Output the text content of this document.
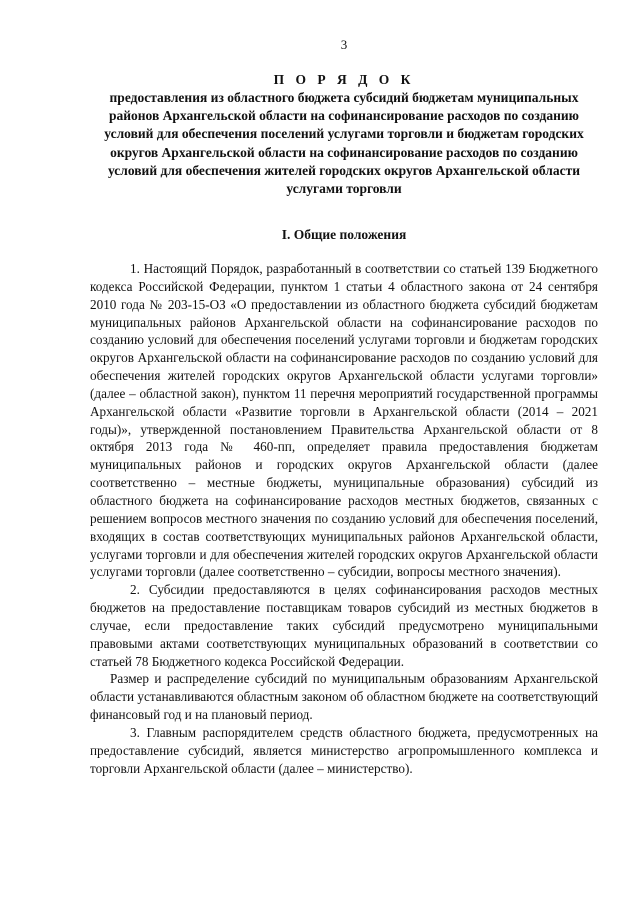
3
П О Р Я Д О К
предоставления из областного бюджета субсидий бюджетам муниципальных районов Архангельской области на софинансирование расходов по созданию условий для обеспечения поселений услугами торговли и бюджетам городских округов Архангельской области на софинансирование расходов по созданию условий для обеспечения жителей городских округов Архангельской области услугами торговли
I. Общие положения

1. Настоящий Порядок, разработанный в соответствии со статьей 139 Бюджетного кодекса Российской Федерации, пунктом 1 статьи 4 областного закона от 24 сентября 2010 года № 203-15-ОЗ «О предоставлении из областного бюджета субсидий бюджетам муниципальных районов Архангельской области на софинансирование расходов по созданию условий для обеспечения поселений услугами торговли и бюджетам городских округов Архангельской области на софинансирование расходов по созданию условий для обеспечения жителей городских округов Архангельской области услугами торговли» (далее – областной закон), пунктом 11 перечня мероприятий государственной программы Архангельской области «Развитие торговли в Архангельской области (2014 – 2021 годы)», утвержденной постановлением Правительства Архангельской области от 8 октября 2013 года № 460-пп, определяет правила предоставления бюджетам муниципальных районов и городских округов Архангельской области (далее соответственно – местные бюджеты, муниципальные образования) субсидий из областного бюджета на софинансирование расходов местных бюджетов, связанных с решением вопросов местного значения по созданию условий для обеспечения поселений, входящих в состав соответствующих муниципальных районов Архангельской области, услугами торговли и для обеспечения жителей городских округов Архангельской области услугами торговли (далее соответственно – субсидии, вопросы местного значения).

2. Субсидии предоставляются в целях софинансирования расходов местных бюджетов на предоставление поставщикам товаров субсидий из местных бюджетов в случае, если предоставление таких субсидий предусмотрено муниципальными правовыми актами соответствующих муниципальных образований в соответствии со статьей 78 Бюджетного кодекса Российской Федерации.

Размер и распределение субсидий по муниципальным образованиям Архангельской области устанавливаются областным законом об областном бюджете на соответствующий финансовый год и на плановый период.

3. Главным распорядителем средств областного бюджета, предусмотренных на предоставление субсидий, является министерство агропромышленного комплекса и торговли Архангельской области (далее – министерство).
